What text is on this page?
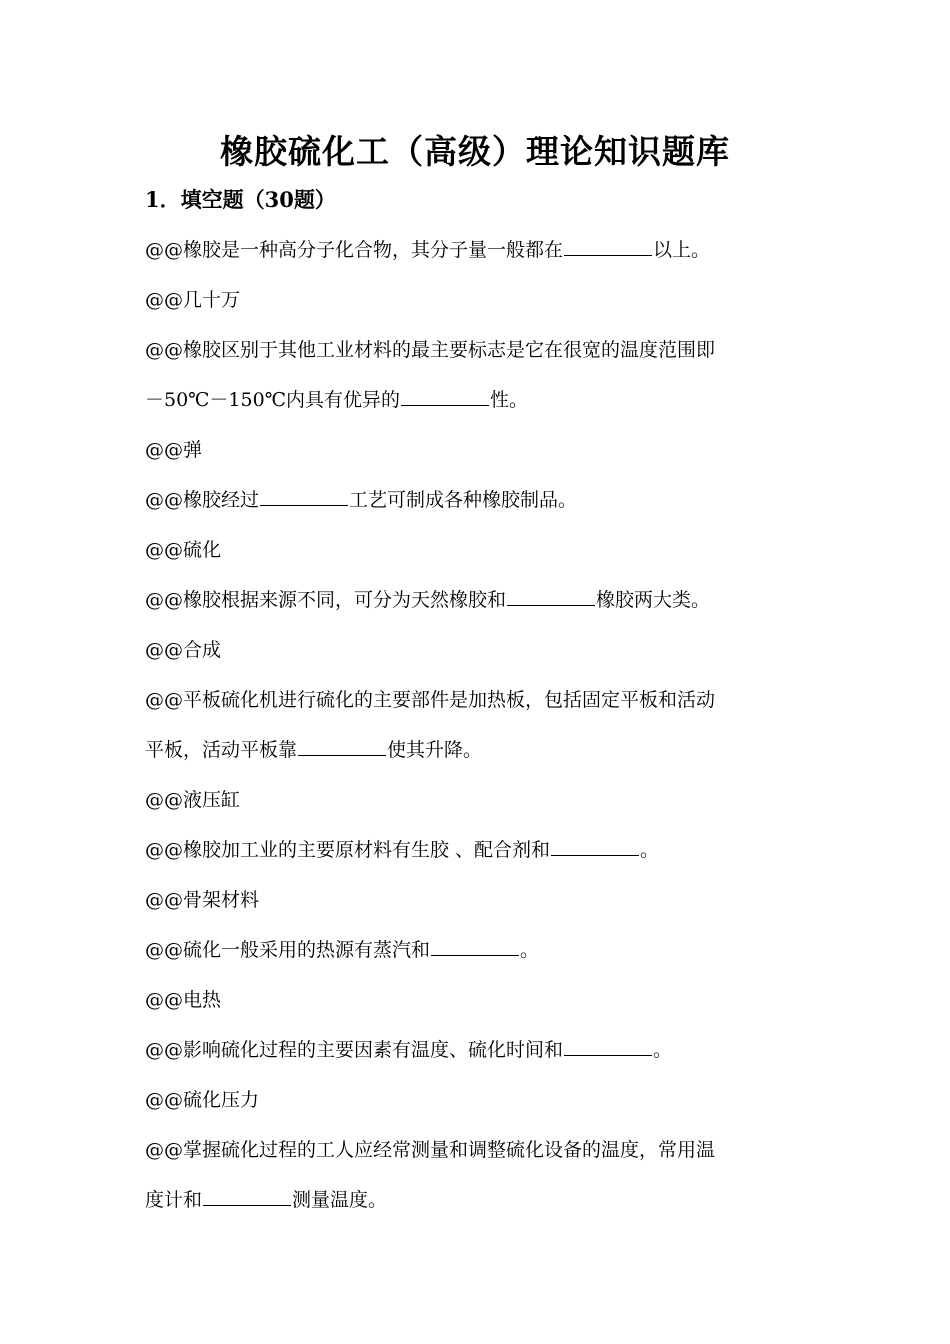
橡胶硫化工（高级）理论知识题库
1．填空题（30题）
@@橡胶是一种高分子化合物，其分子量一般都在	以上。
@@几十万
@@橡胶区别于其他工业材料的最主要标志是它在很宽的温度范围即
－50℃－150℃内具有优异的	性。
@@弹
@@橡胶经过	工艺可制成各种橡胶制品。
@@硫化
@@橡胶根据来源不同，可分为天然橡胶和	橡胶两大类。
@@合成
@@平板硫化机进行硫化的主要部件是加热板，包括固定平板和活动
平板，活动平板靠	使其升降。
@@液压缸
@@橡胶加工业的主要原材料有生胶 、配合剂和	。
@@骨架材料
@@硫化一般采用的热源有蒸汽和	。
@@电热
@@影响硫化过程的主要因素有温度、硫化时间和	。
@@硫化压力
@@掌握硫化过程的工人应经常测量和调整硫化设备的温度，常用温
度计和	测量温度。
